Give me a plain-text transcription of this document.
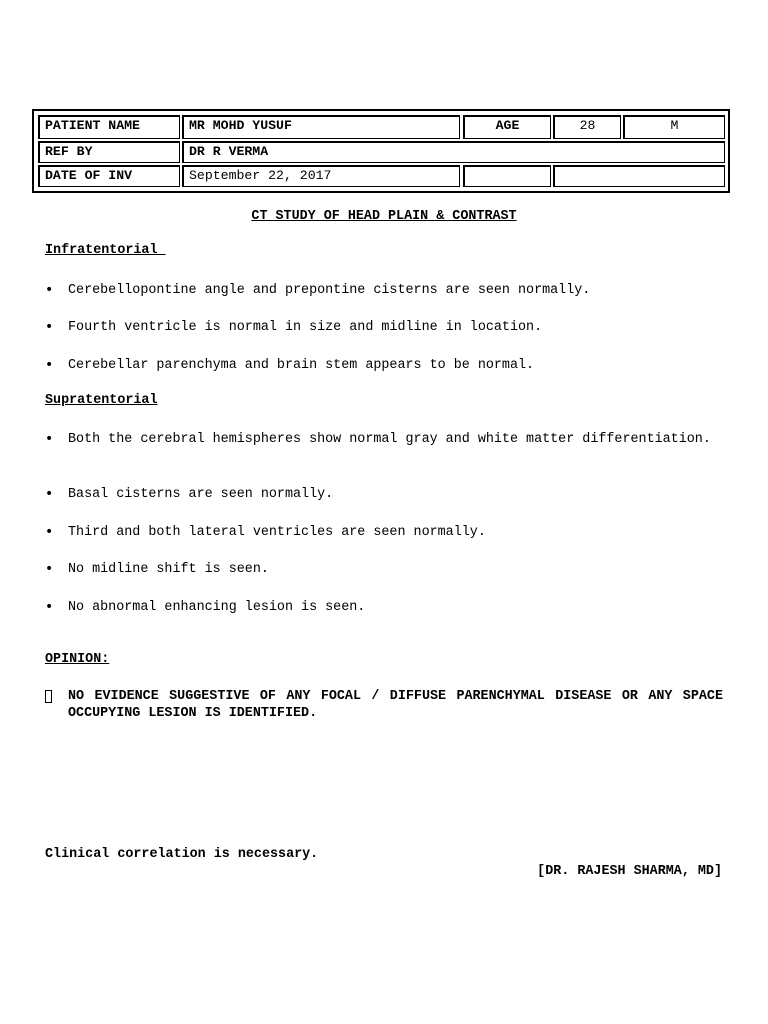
PATIENT NAME	MR MOHD YUSUF	AGE	28	M
REF BY	DR R VERMA
DATE OF INV	September 22, 2017
CT STUDY OF HEAD PLAIN & CONTRAST
Infratentorial
• Cerebellopontine angle and prepontine cisterns are seen normally.
• Fourth ventricle is normal in size and midline in location.
• Cerebellar parenchyma and brain stem appears to be normal.
Supratentorial
• Both the cerebral hemispheres show normal gray and white matter differentiation.
• Basal cisterns are seen normally.
• Third and both lateral ventricles are seen normally.
• No midline shift is seen.
• No abnormal enhancing lesion is seen.
OPINION:
NO EVIDENCE SUGGESTIVE OF ANY FOCAL / DIFFUSE PARENCHYMAL DISEASE OR ANY SPACE OCCUPYING LESION IS IDENTIFIED.
Clinical correlation is necessary.
[DR. RAJESH SHARMA, MD]
